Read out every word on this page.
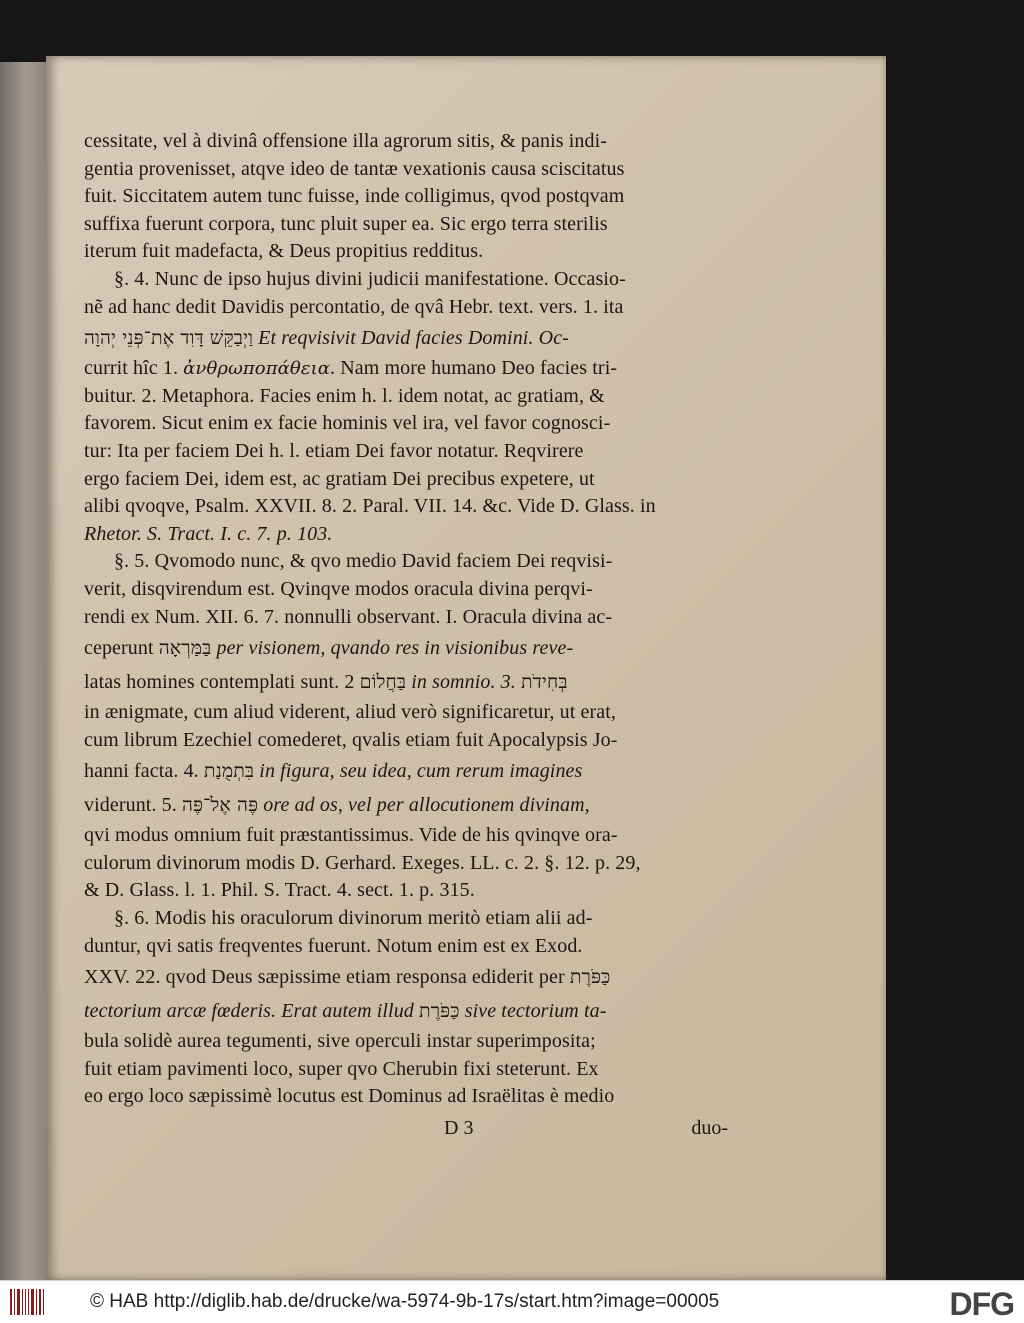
cessitate, vel à divinâ offensione illa agrorum sitis, & panis indi-
gentia provenisset, atqve ideo de tantæ vexationis causa sciscitatus
fuit. Siccitatem autem tunc fuisse, inde colligimus, qvod postqvam
suffixa fuerunt corpora, tunc pluit super ea. Sic ergo terra sterilis
iterum fuit madefacta, & Deus propitius redditus.
§. 4. Nunc de ipso hujus divini judicii manifestatione. Occasio-
nẽ ad hanc dedit Davidis percontatio, de qvâ Hebr. text. vers. 1. ita
וַיְבַקֵּשׁ דָּוִד אֶת־פְּנֵי יְהוָה Et reqvisivit David facies Domini. Oc-
currit hîc 1. ἀνθρωποπάθεια. Nam more humano Deo facies tri-
buitur. 2. Metaphora. Facies enim h. l. idem notat, ac gratiam, &
favorem. Sicut enim ex facie hominis vel ira, vel favor cognosci-
tur: Ita per faciem Dei h. l. etiam Dei favor notatur. Reqvirere
ergo faciem Dei, idem est, ac gratiam Dei precibus expetere, ut
alibi qvoqve, Psalm. XXVII. 8. 2. Paral. VII. 14. &c. Vide D. Glass. in
Rhetor. S. Tract. I. c. 7. p. 103.
§. 5. Qvomodo nunc, & qvo medio David faciem Dei reqvisi-
verit, disqvirendum est. Qvinqve modos oracula divina perqvi-
rendi ex Num. XII. 6. 7. nonnulli observant. I. Oracula divina ac-
ceperunt בַּמַּרְאָה per visionem, qvando res in visionibus reve-
latas homines contemplati sunt. 2 בַּחֲלוֹם in somnio. 3. בְּחִידֹת
in ænigmate, cum aliud viderent, aliud verò significaretur, ut erat,
cum librum Ezechiel comederet, qvalis etiam fuit Apocalypsis Jo-
hanni facta. 4. בִּתְמֻנַת in figura, seu idea, cum rerum imagines
viderunt. 5. פֶּה אֶל־פֶּה ore ad os, vel per allocutionem divinam,
qvi modus omnium fuit præstantissimus. Vide de his qvinqve ora-
culorum divinorum modis D. Gerhard. Exeges. LL. c. 2. §. 12. p. 29,
& D. Glass. l. 1. Phil. S. Tract. 4. sect. 1. p. 315.
§. 6. Modis his oraculorum divinorum meritò etiam alii ad-
duntur, qvi satis freqventes fuerunt. Notum enim est ex Exod.
XXV. 22. qvod Deus sæpissime etiam responsa ediderit per כַּפֹּרֶת
tectorium arcæ fœderis. Erat autem illud כַּפֹּרֶת sive tectorium ta-
bula solidè aurea tegumenti, sive operculi instar superimposita;
fuit etiam pavimenti loco, super qvo Cherubin fixi steterunt. Ex
eo ergo loco sæpissimè locutus est Dominus ad Israëlitas è medio
D 3	duo-
© HAB http://diglib.hab.de/drucke/wa-5974-9b-17s/start.htm?image=00005	DFG
